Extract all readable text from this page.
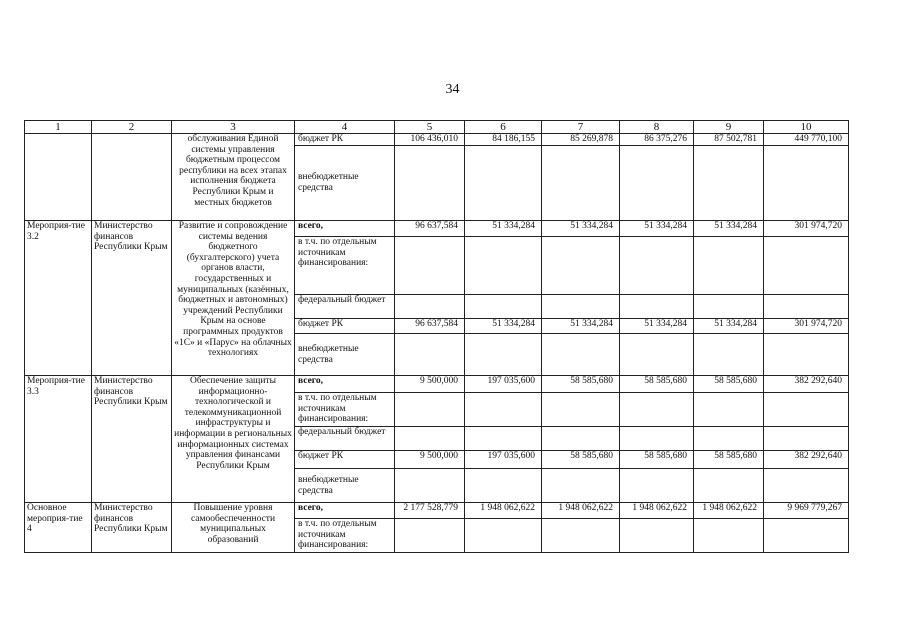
34
1	2	3	4	5	6	7	8	9	10

		обслуживания Единой системы управления бюджетным процессом республики на всех этапах исполнения бюджета Республики Крым и местных бюджетов	бюджет РК	106 436,010	84 186,155	85 269,878	86 375,276	87 502,781	449 770,100
			внебюджетные средства						
Мероприя-тие 3.2	Министерство финансов Республики Крым	Развитие и сопровождение системы ведения бюджетного (бухгалтерского) учета органов власти, государственных и муниципальных (казённых, бюджетных и автономных) учреждений Республики Крым на основе программных продуктов «1С» и «Парус» на облачных технологиях	всего,	96 637,584	51 334,284	51 334,284	51 334,284	51 334,284	301 974,720
			в т.ч. по отдельным источникам финансирования:						
			федеральный бюджет						
			бюджет РК	96 637,584	51 334,284	51 334,284	51 334,284	51 334,284	301 974,720
			внебюджетные средства						
Мероприя-тие 3.3	Министерство финансов Республики Крым	Обеспечение защиты информационно-технологической и телекоммуникационной инфраструктуры и информации в региональных информационных системах управления финансами Республики Крым	всего,	9 500,000	197 035,600	58 585,680	58 585,680	58 585,680	382 292,640
			в т.ч. по отдельным источникам финансирования:						
			федеральный бюджет						
			бюджет РК	9 500,000	197 035,600	58 585,680	58 585,680	58 585,680	382 292,640
			внебюджетные средства						
Основное мероприя-тие 4	Министерство финансов Республики Крым	Повышение уровня самообеспеченности муниципальных образований	всего,	2 177 528,779	1 948 062,622	1 948 062,622	1 948 062,622	1 948 062,622	9 969 779,267
			в т.ч. по отдельным источникам финансирования:						
